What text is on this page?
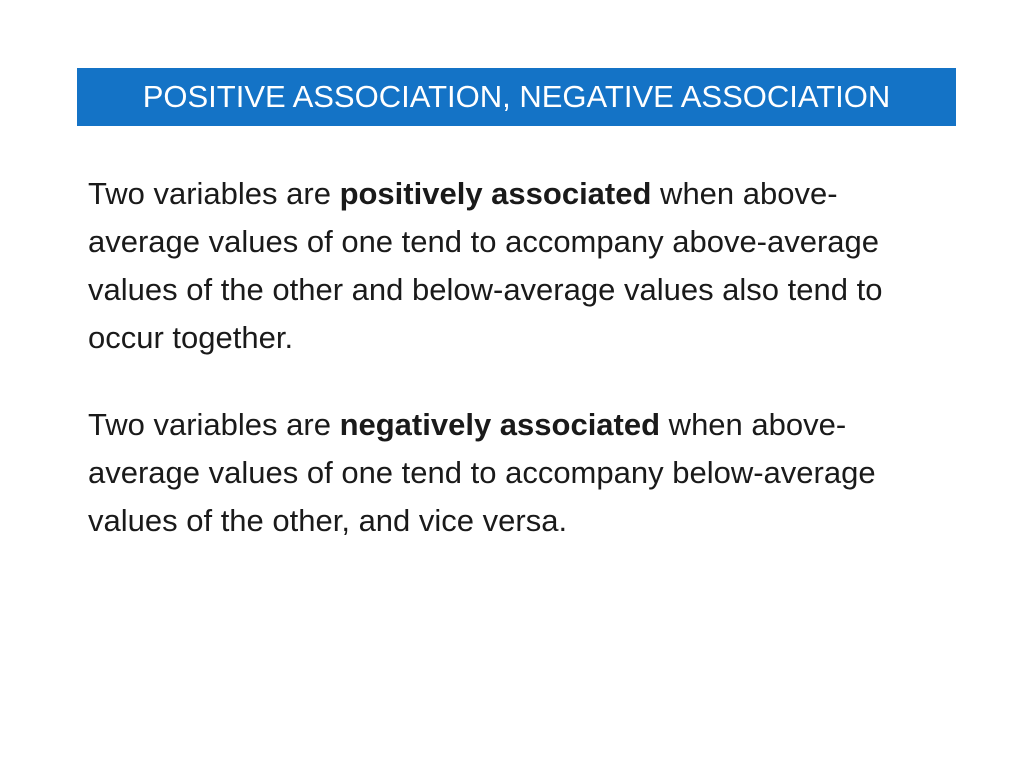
POSITIVE ASSOCIATION, NEGATIVE ASSOCIATION

Two variables are positively associated when above-average values of one tend to accompany above-average values of the other and below-average values also tend to occur together.

Two variables are negatively associated when above-average values of one tend to accompany below-average values of the other, and vice versa.
